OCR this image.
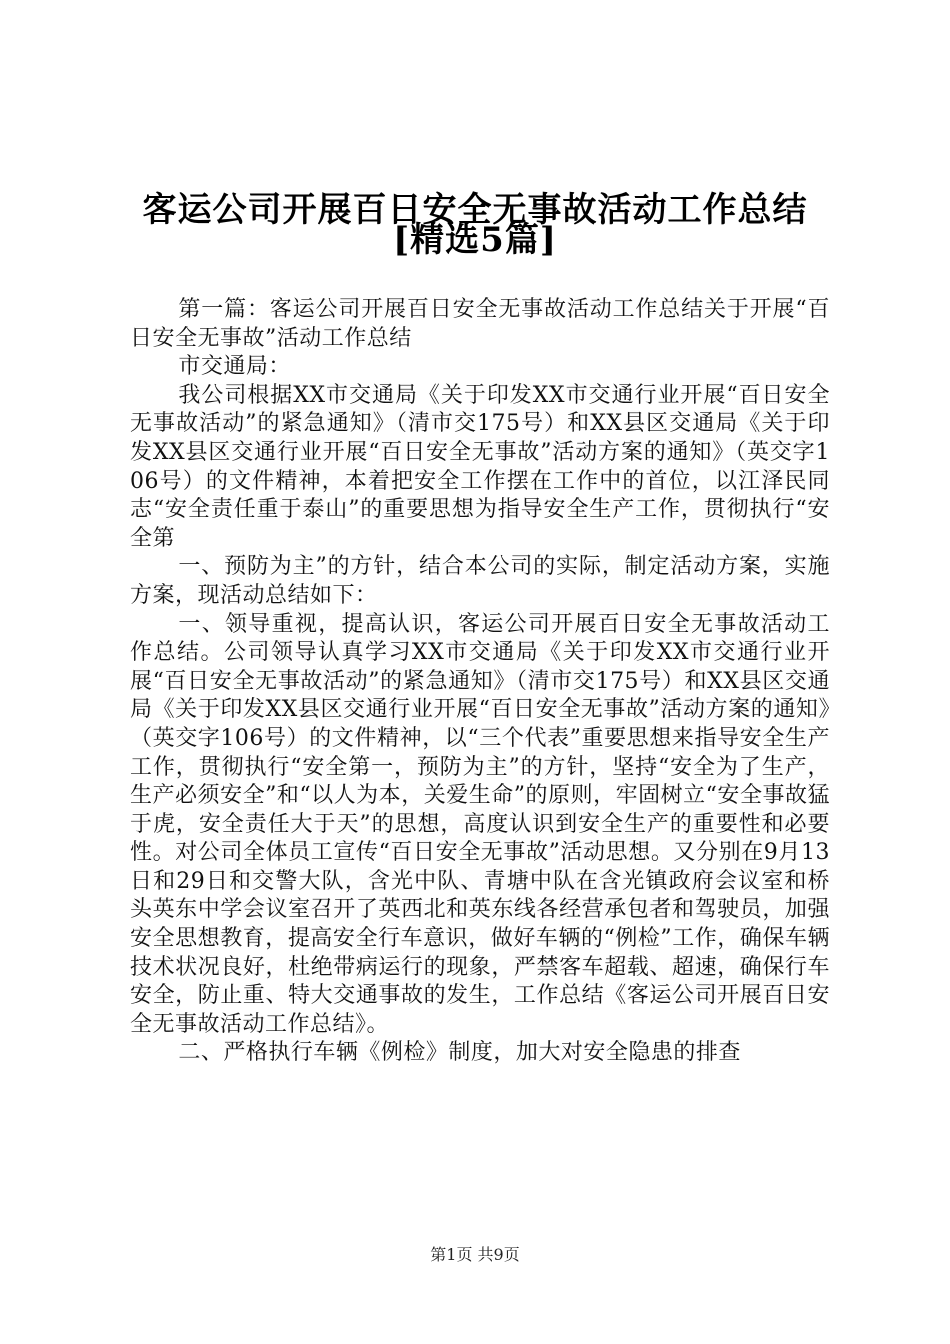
客运公司开展百日安全无事故活动工作总结
[精选5篇]

第一篇：客运公司开展百日安全无事故活动工作总结关于开展“百日安全无事故”活动工作总结

市交通局：

我公司根据XX市交通局《关于印发XX市交通行业开展“百日安全无事故活动”的紧急通知》（清市交175号）和XX县区交通局《关于印发XX县区交通行业开展“百日安全无事故”活动方案的通知》（英交字106号）的文件精神，本着把安全工作摆在工作中的首位，以江泽民同志“安全责任重于泰山”的重要思想为指导安全生产工作，贯彻执行“安全第

一、预防为主”的方针，结合本公司的实际，制定活动方案，实施方案，现活动总结如下：

一、领导重视，提高认识，客运公司开展百日安全无事故活动工作总结。公司领导认真学习XX市交通局《关于印发XX市交通行业开展“百日安全无事故活动”的紧急通知》（清市交175号）和XX县区交通局《关于印发XX县区交通行业开展“百日安全无事故”活动方案的通知》（英交字106号）的文件精神，以“三个代表”重要思想来指导安全生产工作，贯彻执行“安全第一，预防为主”的方针，坚持“安全为了生产，生产必须安全”和“以人为本，关爱生命”的原则，牢固树立“安全事故猛于虎，安全责任大于天”的思想，高度认识到安全生产的重要性和必要性。对公司全体员工宣传“百日安全无事故”活动思想。又分别在9月13日和29日和交警大队，含光中队、青塘中队在含光镇政府会议室和桥头英东中学会议室召开了英西北和英东线各经营承包者和驾驶员，加强安全思想教育，提高安全行车意识，做好车辆的“例检”工作，确保车辆技术状况良好，杜绝带病运行的现象，严禁客车超载、超速，确保行车安全，防止重、特大交通事故的发生，工作总结《客运公司开展百日安全无事故活动工作总结》。

二、严格执行车辆《例检》制度，加大对安全隐患的排查

第1页 共9页
